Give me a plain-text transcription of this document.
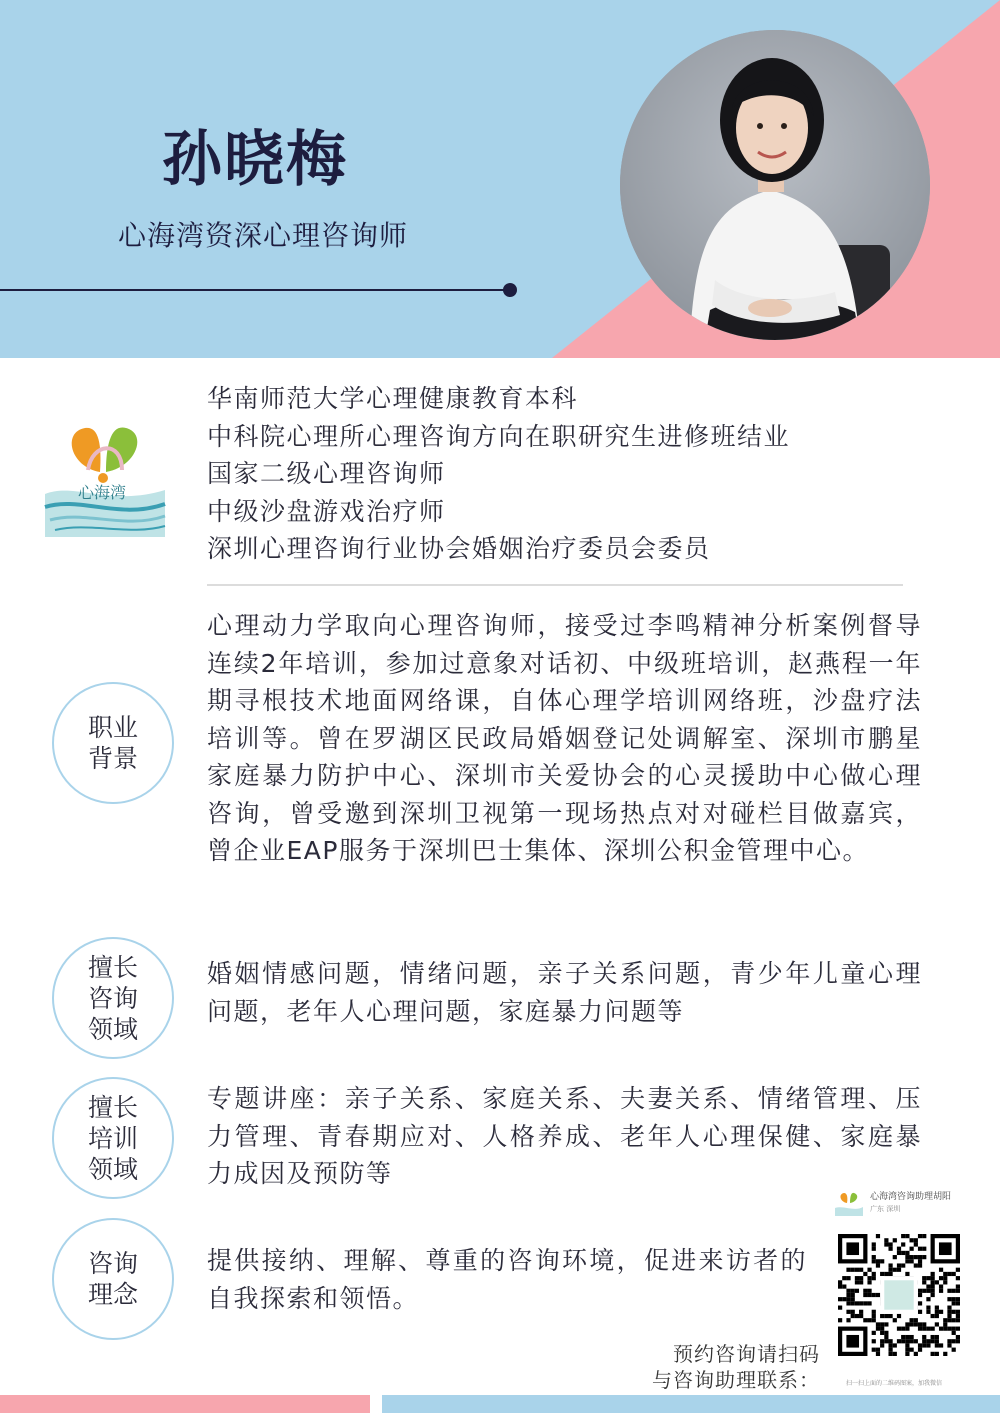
孙晓梅
心海湾资深心理咨询师
心海湾
华南师范大学心理健康教育本科
中科院心理所心理咨询方向在职研究生进修班结业
国家二级心理咨询师
中级沙盘游戏治疗师
深圳心理咨询行业协会婚姻治疗委员会委员
职业背景

心理动力学取向心理咨询师，接受过李鸣精神分析案例督导连续2年培训，参加过意象对话初、中级班培训，赵燕程一年期寻根技术地面网络课，自体心理学培训网络班，沙盘疗法培训等。曾在罗湖区民政局婚姻登记处调解室、深圳市鹏星家庭暴力防护中心、深圳市关爱协会的心灵援助中心做心理咨询，曾受邀到深圳卫视第一现场热点对对碰栏目做嘉宾，曾企业EAP服务于深圳巴士集体、深圳公积金管理中心。

擅长咨询领域

婚姻情感问题，情绪问题，亲子关系问题，青少年儿童心理问题，老年人心理问题，家庭暴力问题等

擅长培训领域

专题讲座：亲子关系、家庭关系、夫妻关系、情绪管理、压力管理、青春期应对、人格养成、老年人心理保健、家庭暴力成因及预防等

咨询理念

提供接纳、理解、尊重的咨询环境，促进来访者的自我探索和领悟。

心海湾咨询助理胡阳
广东 深圳
扫一扫上面的二维码图案，加我微信
预约咨询请扫码
与咨询助理联系：
